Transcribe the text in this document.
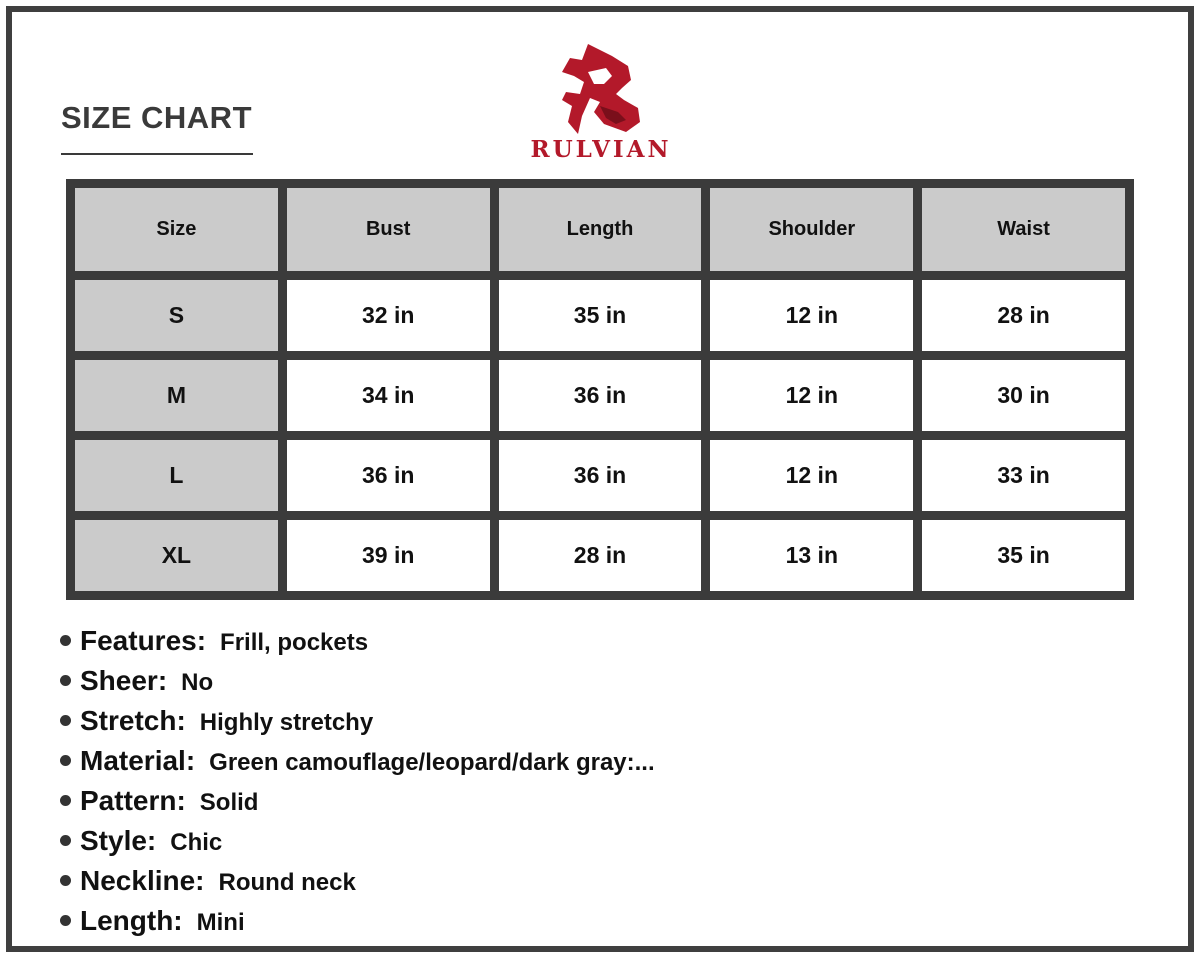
SIZE CHART
RULVIAN
Size	Bust	Length	Shoulder	Waist
S	32 in	35 in	12 in	28 in
M	34 in	36 in	12 in	30 in
L	36 in	36 in	12 in	33 in
XL	39 in	28 in	13 in	35 in
Features: Frill, pockets
Sheer: No
Stretch: Highly stretchy
Material: Green camouflage/leopard/dark gray:...
Pattern: Solid
Style: Chic
Neckline: Round neck
Length: Mini
